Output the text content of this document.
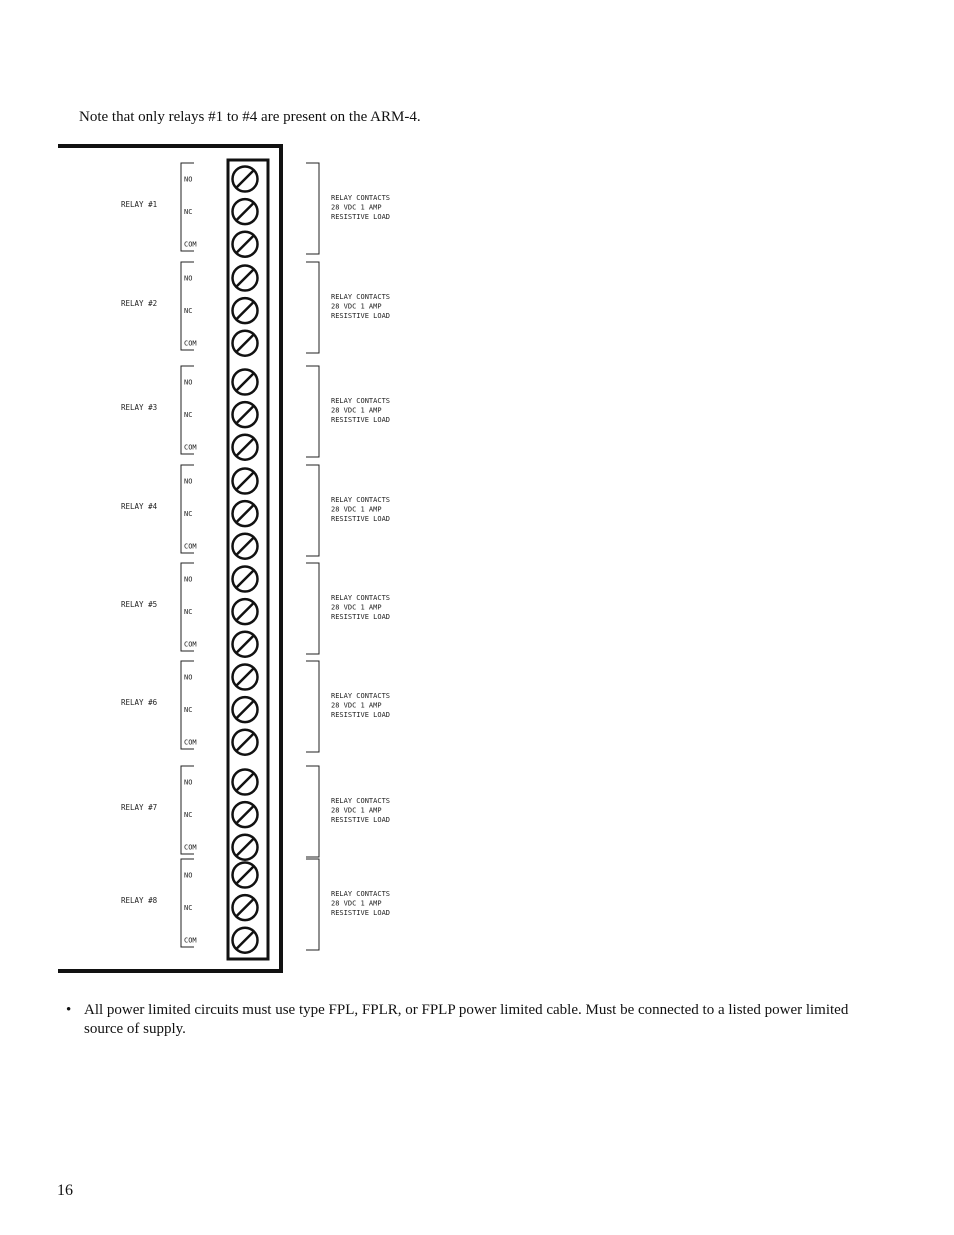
Note that only relays #1 to #4 are present on the ARM-4.

RELAY #1
NO
NC
COM
RELAY CONTACTS
28 VDC 1 AMP
RESISTIVE LOAD
RELAY #2
NO
NC
COM
RELAY CONTACTS
28 VDC 1 AMP
RESISTIVE LOAD
RELAY #3
NO
NC
COM
RELAY CONTACTS
28 VDC 1 AMP
RESISTIVE LOAD
RELAY #4
NO
NC
COM
RELAY CONTACTS
28 VDC 1 AMP
RESISTIVE LOAD
RELAY #5
NO
NC
COM
RELAY CONTACTS
28 VDC 1 AMP
RESISTIVE LOAD
RELAY #6
NO
NC
COM
RELAY CONTACTS
28 VDC 1 AMP
RESISTIVE LOAD
RELAY #7
NO
NC
COM
RELAY CONTACTS
28 VDC 1 AMP
RESISTIVE LOAD
RELAY #8
NO
NC
COM
RELAY CONTACTS
28 VDC 1 AMP
RESISTIVE LOAD
• All power limited circuits must use type FPL, FPLR, or FPLP power limited cable. Must be connected to a listed power limited source of supply.
16
